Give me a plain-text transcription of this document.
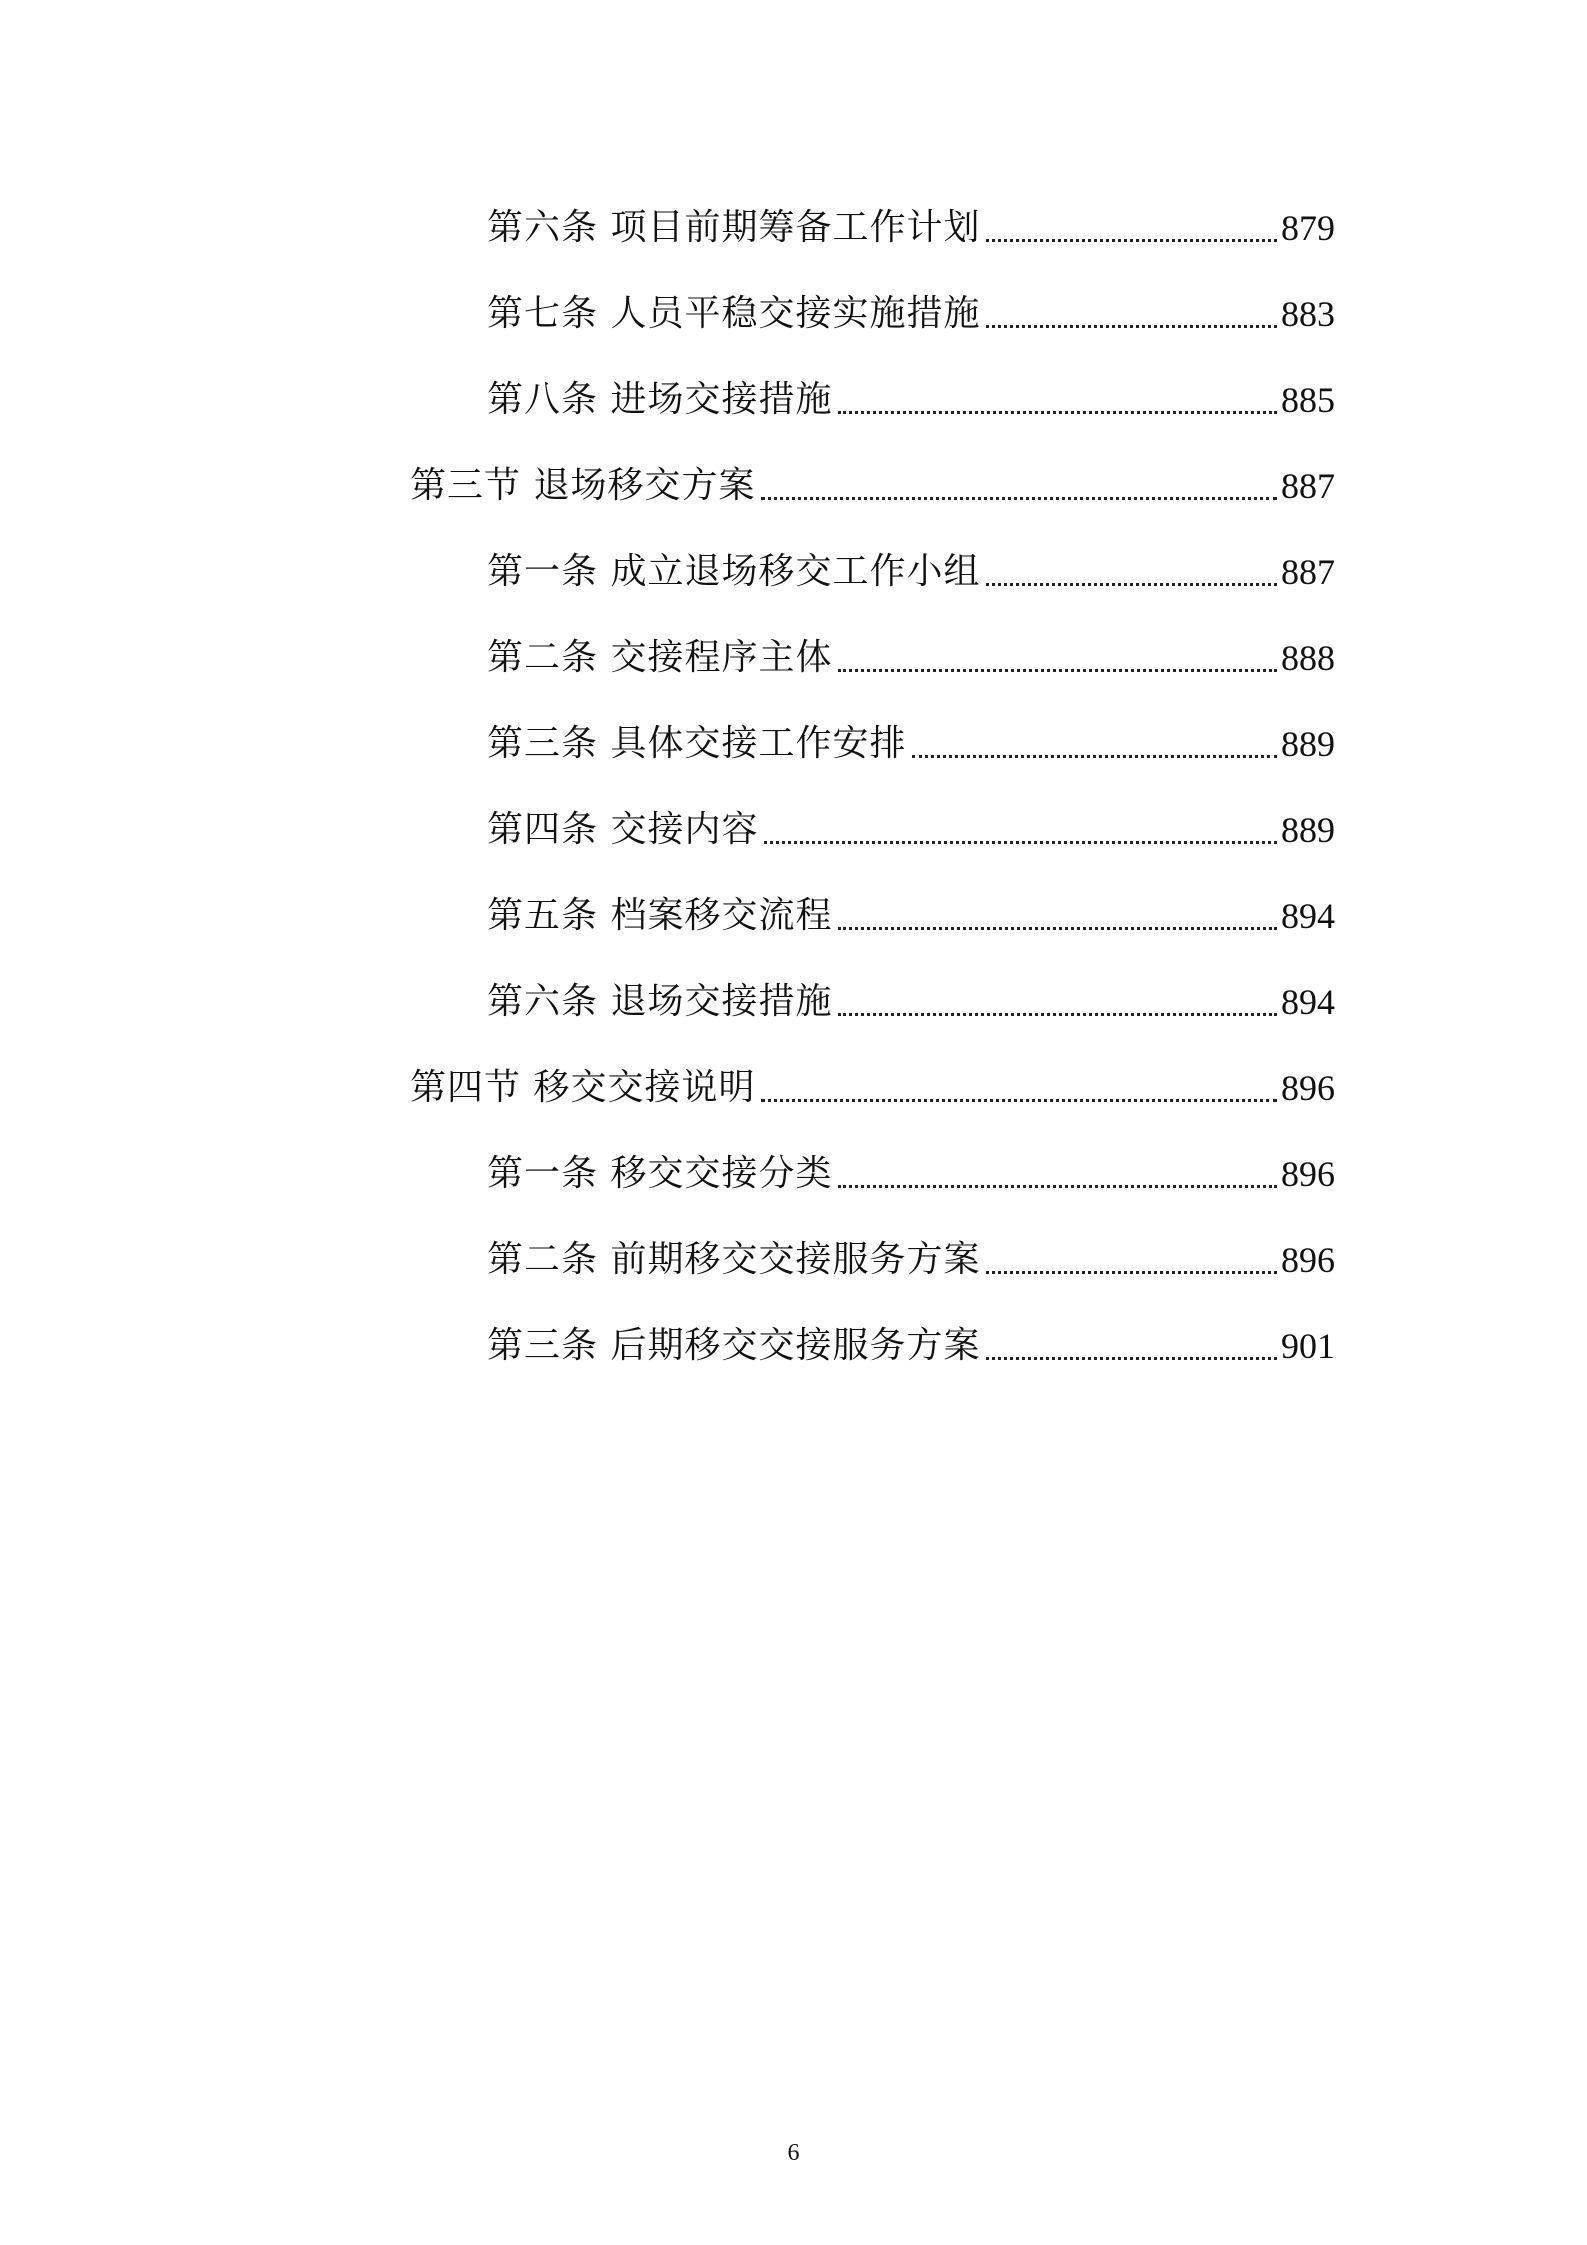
第六条 项目前期筹备工作计划	879
第七条 人员平稳交接实施措施	883
第八条 进场交接措施	885
第三节 退场移交方案	887
第一条 成立退场移交工作小组	887
第二条 交接程序主体	888
第三条 具体交接工作安排	889
第四条 交接内容	889
第五条 档案移交流程	894
第六条 退场交接措施	894
第四节 移交交接说明	896
第一条 移交交接分类	896
第二条 前期移交交接服务方案	896
第三条 后期移交交接服务方案	901
6
